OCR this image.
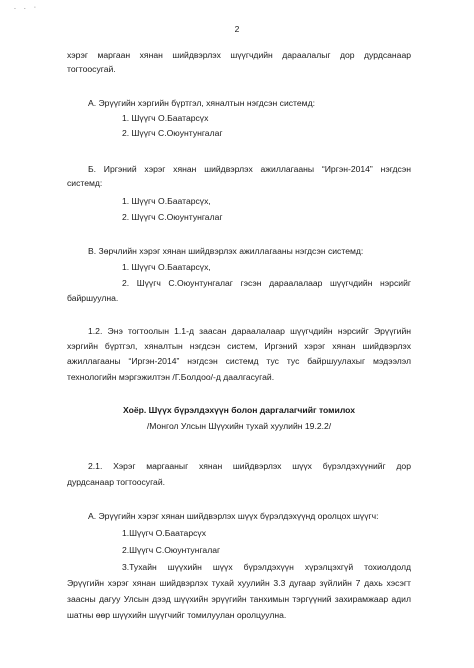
. . ·
2
хэрэг маргаан хянан шийдвэрлэх шүүгчдийн дараалалыг дор дурдсанаар
тогтоосугай.
А. Эрүүгийн хэргийн бүртгэл, хяналтын нэгдсэн системд:
1. Шүүгч О.Баатарсүх
2. Шүүгч С.Оюунтунгалаг
Б. Иргэний хэрэг хянан шийдвэрлэх ажиллагааны “Иргэн-2014” нэгдсэн
системд:
1. Шүүгч О.Баатарсүх,
2. Шүүгч С.Оюунтунгалаг
В. Зөрчлийн хэрэг хянан шийдвэрлэх ажиллагааны нэгдсэн системд:
1. Шүүгч О.Баатарсүх,
2. Шүүгч С.Оюунтунгалаг гэсэн дараалалаар шүүгчдийн нэрсийг
байршуулна.
1.2. Энэ тогтоолын 1.1-д заасан дараалалаар шүүгчдийн нэрсийг Эрүүгийн
хэргийн бүртгэл, хяналтын нэгдсэн систем, Иргэний хэрэг хянан шийдвэрлэх
ажиллагааны “Иргэн-2014” нэгдсэн системд тус тус байршуулахыг мэдээлэл
технологийн мэргэжилтэн /Г.Болдоо/-д даалгасугай.
Хоёр. Шүүх бүрэлдэхүүн болон даргалагчийг томилох
/Монгол Улсын Шүүхийн тухай хуулийн 19.2.2/
2.1. Хэрэг маргааныг хянан шийдвэрлэх шүүх бүрэлдэхүүнийг дор
дурдсанаар тогтоосугай.
А. Эрүүгийн хэрэг хянан шийдвэрлэх шүүх бүрэлдэхүүнд оролцох шүүгч:
1.Шүүгч О.Баатарсүх
2.Шүүгч С.Оюунтунгалаг
3.Тухайн шүүхийн шүүх бүрэлдэхүүн хүрэлцэхгүй тохиолдолд
Эрүүгийн хэрэг хянан шийдвэрлэх тухай хуулийн 3.3 дугаар зүйлийн 7 дахь хэсэгт
заасны дагуу Улсын дээд шүүхийн эрүүгийн танхимын тэргүүний захирамжаар адил
шатны өөр шүүхийн шүүгчийг томилуулан оролцуулна.
